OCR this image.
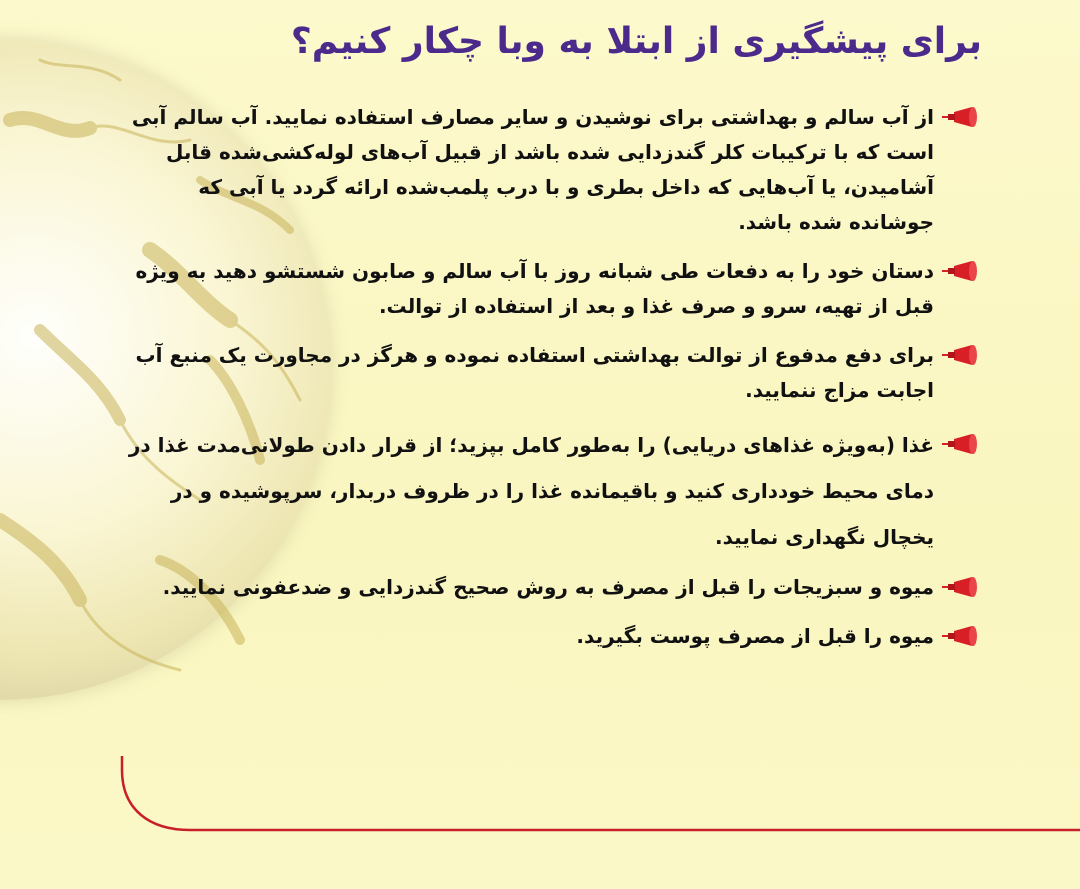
برای پیشگیری از ابتلا به وبا چکار کنیم؟
از آب سالم و بهداشتی برای نوشیدن و سایر مصارف استفاده نمایید. آب سالم آبی است که با ترکیبات کلر گندزدایی شده باشد از قبیل آب‌های لوله‌کشی‌شده قابل آشامیدن، یا آب‌هایی که داخل بطری و با درب پلمب‌شده ارائه گردد یا آبی که جوشانده شده باشد.
دستان خود را به دفعات طی شبانه روز با آب سالم و صابون شستشو دهید به ویژه قبل از تهیه، سرو و صرف غذا و بعد از استفاده از توالت.
برای دفع مدفوع از توالت بهداشتی استفاده نموده و هرگز در مجاورت یک منبع آب اجابت مزاج ننمایید.
غذا (به‌ویژه غذاهای دریایی) را به‌طور کامل بپزید؛ از قرار دادن طولانی‌مدت غذا در دمای محیط خودداری کنید و باقیمانده غذا را در ظروف دربدار، سرپوشیده و در یخچال نگهداری نمایید.
میوه و سبزیجات را قبل از مصرف به روش صحیح گندزدایی و ضدعفونی نمایید.
میوه را قبل از مصرف پوست بگیرید.
